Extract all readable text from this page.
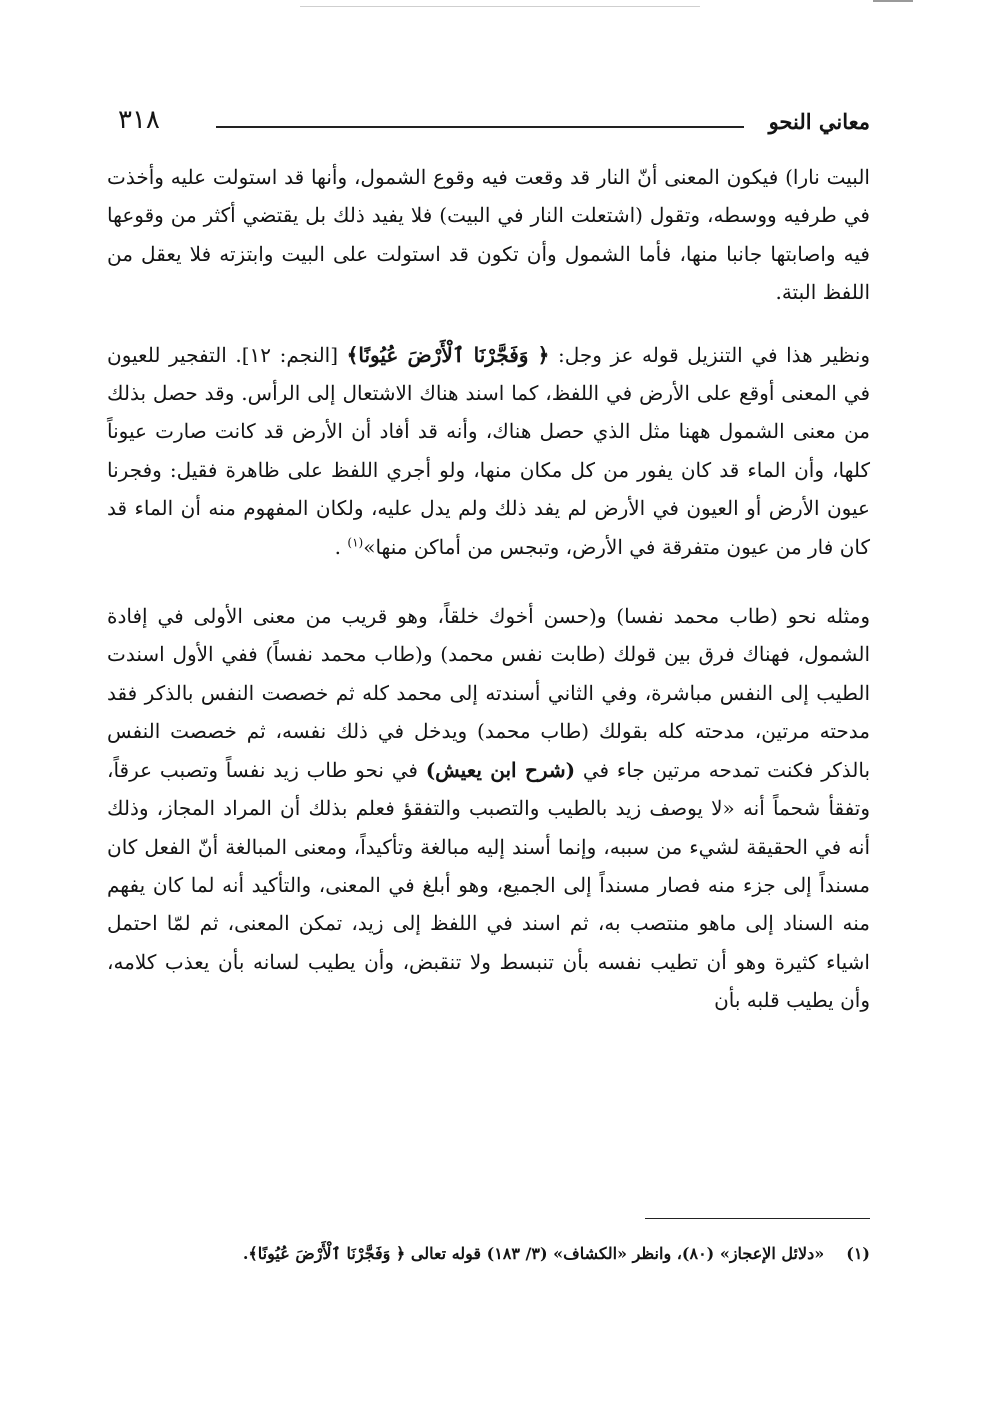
٣١٨	معاني النحو

البيت نارا) فيكون المعنى أنّ النار قد وقعت فيه وقوع الشمول، وأنها قد استولت عليه وأخذت في طرفيه ووسطه، وتقول (اشتعلت النار في البيت) فلا يفيد ذلك بل يقتضي أكثر من وقوعها فيه واصابتها جانبا منها، فأما الشمول وأن تكون قد استولت على البيت وابتزته فلا يعقل من اللفظ البتة.

ونظير هذا في التنزيل قوله عز وجل: ﴿ وَفَجَّرْنَا ٱلْأَرْضَ عُيُونًا﴾ [النجم: ١٢]. التفجير للعيون في المعنى أوقع على الأرض في اللفظ، كما اسند هناك الاشتعال إلى الرأس. وقد حصل بذلك من معنى الشمول ههنا مثل الذي حصل هناك، وأنه قد أفاد أن الأرض قد كانت صارت عيوناً كلها، وأن الماء قد كان يفور من كل مكان منها، ولو أجري اللفظ على ظاهرة فقيل: وفجرنا عيون الأرض أو العيون في الأرض لم يفد ذلك ولم يدل عليه، ولكان المفهوم منه أن الماء قد كان فار من عيون متفرقة في الأرض، وتبجس من أماكن منها»$^{(١)}$ .

ومثله نحو (طاب محمد نفسا) و(حسن أخوك خلقاً، وهو قريب من معنى الأولى في إفادة الشمول، فهناك فرق بين قولك (طابت نفس محمد) و(طاب محمد نفساً) ففي الأول اسندت الطيب إلى النفس مباشرة، وفي الثاني أسندته إلى محمد كله ثم خصصت النفس بالذكر فقد مدحته مرتين، مدحته كله بقولك (طاب محمد) ويدخل في ذلك نفسه، ثم خصصت النفس بالذكر فكنت تمدحه مرتين جاء في (شرح ابن يعيش) في نحو طاب زيد نفساً وتصبب عرقاً، وتفقأ شحماً أنه «لا يوصف زيد بالطيب والتصبب والتفقؤ فعلم بذلك أن المراد المجاز، وذلك أنه في الحقيقة لشيء من سببه، وإنما أسند إليه مبالغة وتأكيداً، ومعنى المبالغة أنّ الفعل كان مسنداً إلى جزء منه فصار مسنداً إلى الجميع، وهو أبلغ في المعنى، والتأكيد أنه لما كان يفهم منه السناد إلى ماهو منتصب به، ثم اسند في اللفظ إلى زيد، تمكن المعنى، ثم لمّا احتمل اشياء كثيرة وهو أن تطيب نفسه بأن تنبسط ولا تنقبض، وأن يطيب لسانه بأن يعذب كلامه، وأن يطيب قلبه بأن

(١)«دلائل الإعجاز» (٨٠)، وانظر «الكشاف» (٣/ ١٨٣) قوله تعالى ﴿ وَفَجَّرْنَا ٱلْأَرْضَ عُيُونًا﴾.
